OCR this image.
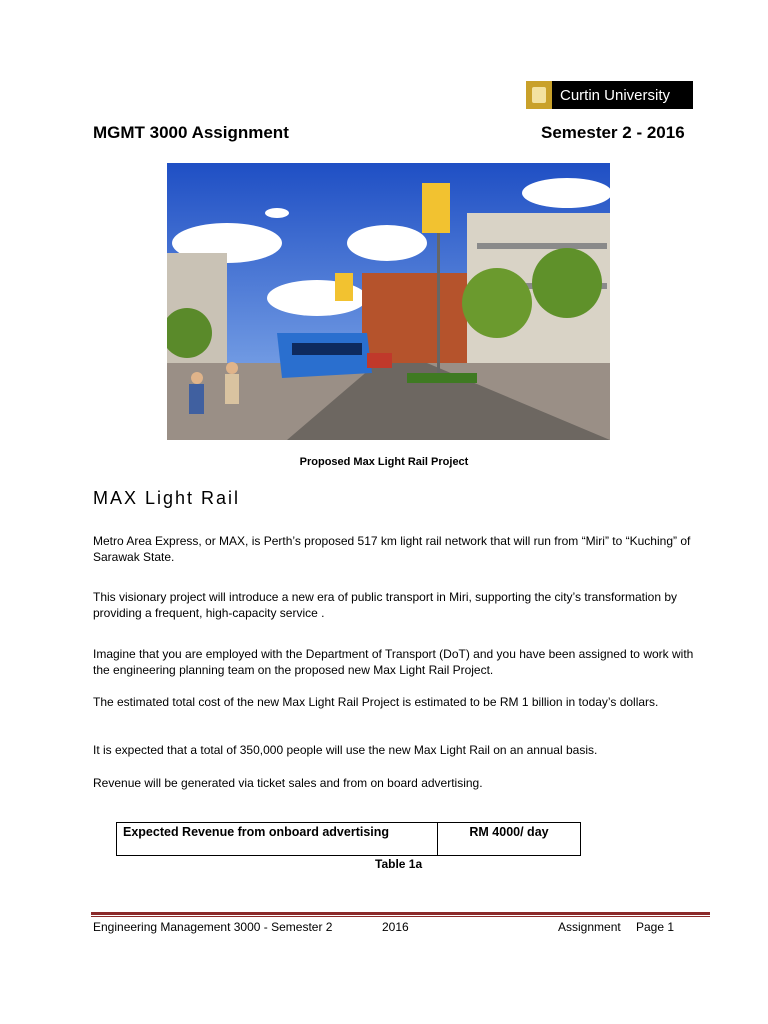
Curtin University
MGMT 3000 Assignment	Semester 2 - 2016
Proposed Max Light Rail Project
MAX Light Rail
Metro Area Express, or MAX, is Perth’s proposed 517 km light rail network that will run from “Miri” to “Kuching” of Sarawak State.
This visionary project will introduce a new era of public transport in Miri, supporting the city’s transformation by providing a frequent, high-capacity service .
Imagine that you are employed with the Department of Transport (DoT) and you have been assigned to work with the engineering planning team on the proposed new Max Light Rail Project.
The estimated total cost of the new Max Light Rail Project is estimated to be RM 1 billion in today’s dollars.
It is expected that a total of 350,000 people will use the new Max Light Rail on an annual basis.
Revenue will be generated via ticket sales and from on board advertising.
Expected Revenue from onboard advertising	RM 4000/ day
Table 1a
Engineering Management 3000 - Semester 2	2016	Assignment Page 1
